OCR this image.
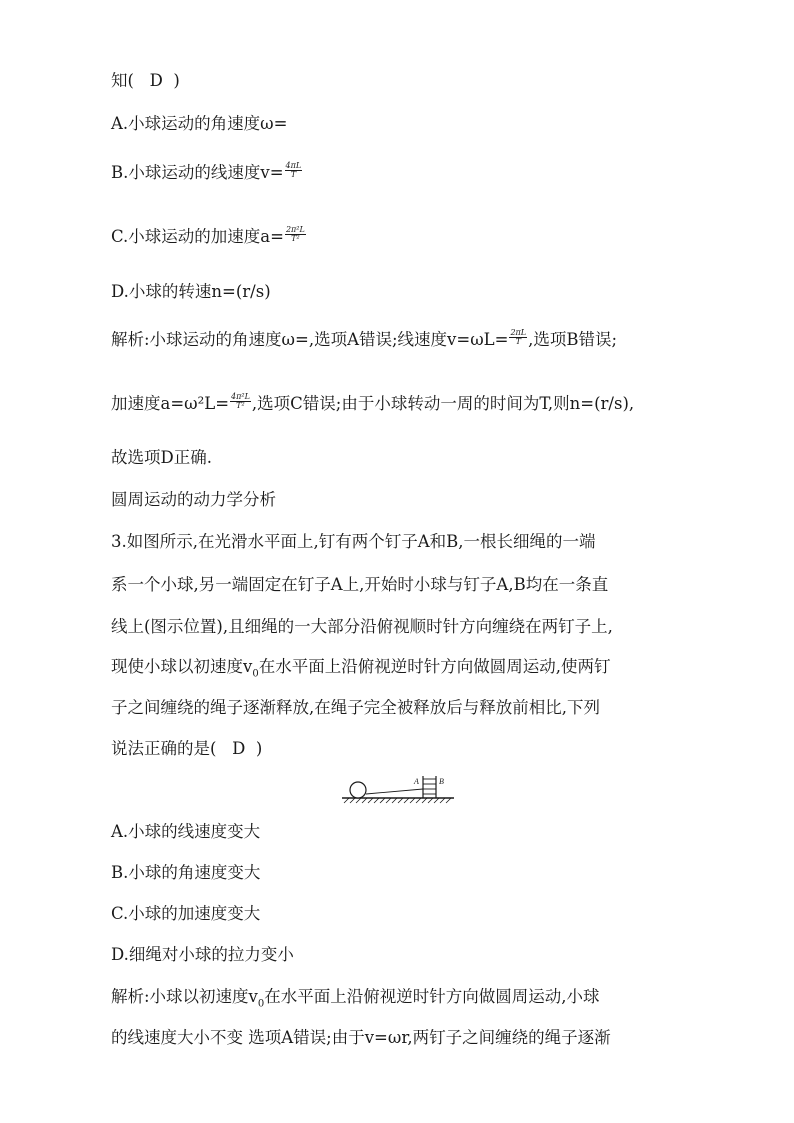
知(   D  )
A.小球运动的角速度ω=
B.小球运动的线速度$v= \frac{4\pi L}{T}$
C.小球运动的加速度$a= \frac{\text{2π²L}}{\text{T²}}$
D.小球的转速n=(r/s)
解析:小球运动的角速度ω=,选项A错误;线速度$v=\omega L= \frac{2\pi L}{T}$ ,选项B错误;
加速度$a=\omega^2L= \frac{\text{4π²L}}{\text{T²}}$ ,选项C错误;由于小球转动一周的时间为T,则n=(r/s),
故选项D正确.
圆周运动的动力学分析
3.如图所示,在光滑水平面上,钉有两个钉子A和B,一根长细绳的一端
系一个小球,另一端固定在钉子A上,开始时小球与钉子A,B均在一条直
线上(图示位置),且细绳的一大部分沿俯视顺时针方向缠绕在两钉子上,
现使小球以初速度$v_0$在水平面上沿俯视逆时针方向做圆周运动,使两钉
子之间缠绕的绳子逐渐释放,在绳子完全被释放后与释放前相比,下列
说法正确的是(   D  )
A	B
A.小球的线速度变大
B.小球的角速度变大
C.小球的加速度变大
D.细绳对小球的拉力变小
解析:小球以初速度$v_0$在水平面上沿俯视逆时针方向做圆周运动,小球
的线速度大小不变 选项A错误;由于v=ωr,两钉子之间缠绕的绳子逐渐
